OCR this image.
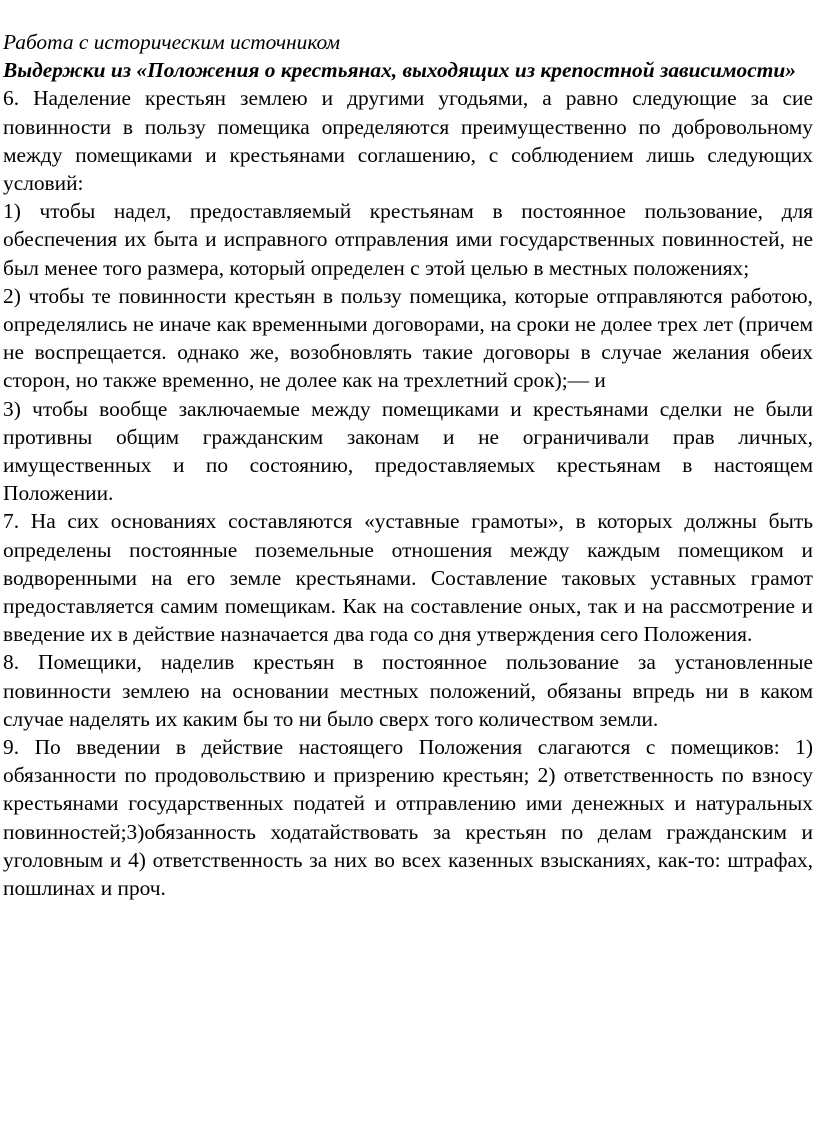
Работа с историческим источником

Выдержки из «Положения о крестьянах, выходящих из крепостной зависимости»

6. Наделение крестьян землею и другими угодьями, а равно следующие за сие повинности в пользу помещика определяются преимущественно по добровольному между помещиками и крестьянами соглашению, с соблюдением лишь следующих условий:

1) чтобы надел, предоставляемый крестьянам в постоянное пользование, для обеспечения их быта и исправного отправления ими государственных повинностей, не был менее того размера, который определен с этой целью в местных положениях;

2) чтобы те повинности крестьян в пользу помещика, которые отправляются работою, определялись не иначе как временными договорами, на сроки не долее трех лет (причем не воспрещается. однако же, возобновлять такие договоры в случае желания обеих сторон, но также временно, не долее как на трехлетний срок);— и

3) чтобы вообще заключаемые между помещиками и крестьянами сделки не были противны общим гражданским законам и не ограничивали прав личных, имущественных и по состоянию, предоставляемых крестьянам в настоящем Положении.

7. На сих основаниях составляются «уставные грамоты», в которых должны быть определены постоянные поземельные отношения между каждым помещиком и водворенными на его земле крестьянами. Составление таковых уставных грамот предоставляется самим помещикам. Как на составление оных, так и на рассмотрение и введение их в действие назначается два года со дня утверждения сего Положения.

8. Помещики, наделив крестьян в постоянное пользование за установленные повинности землею на основании местных положений, обязаны впредь ни в каком случае наделять их каким бы то ни было сверх того количеством земли.

9. По введении в действие настоящего Положения слагаются с помещиков: 1) обязанности по продовольствию и призрению крестьян; 2) ответственность по взносу крестьянами государственных податей и отправлению ими денежных и натуральных повинностей;3)обязанность ходатайствовать за крестьян по делам гражданским и уголовным и 4) ответственность за них во всех казенных взысканиях, как-то: штрафах, пошлинах и проч.
